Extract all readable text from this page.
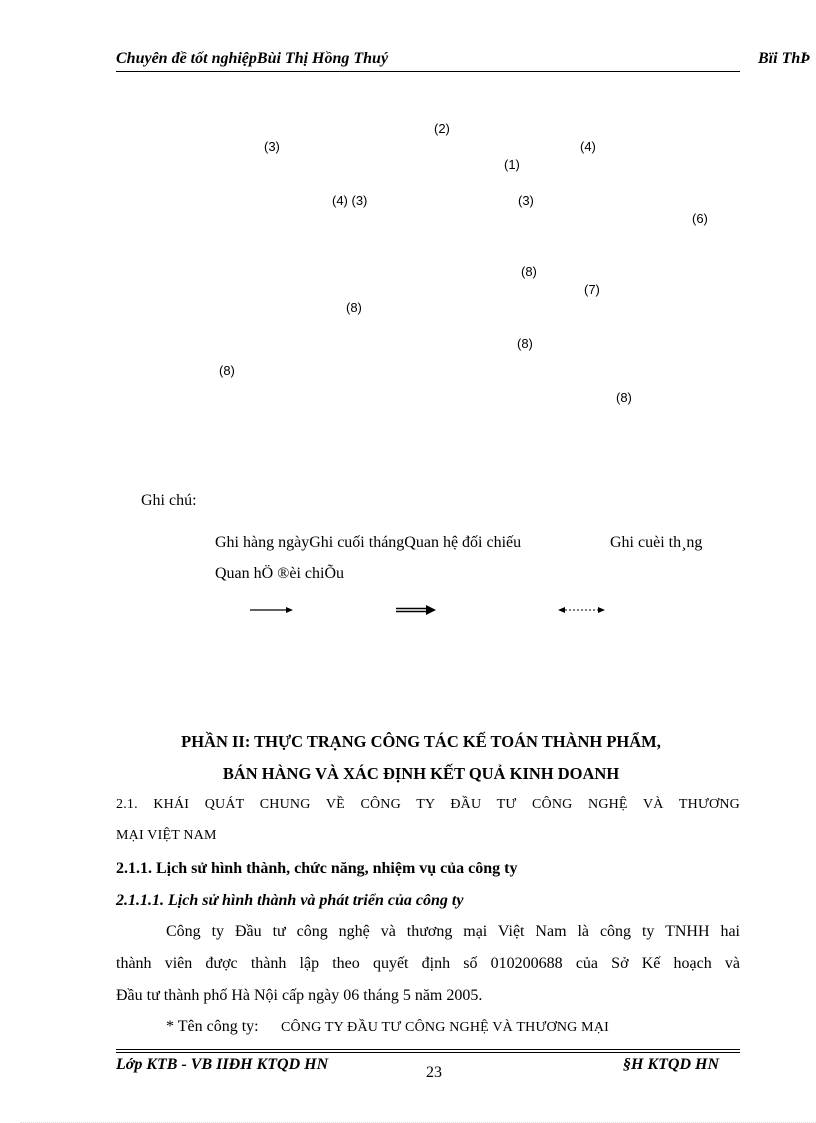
Chuyên đề tốt nghiệpBùi Thị Hồng Thuý	Bïi ThÞ
(2)
(3)	(4)
(1)
(4) (3)	(3)
(6)
(8)
(7)
(8)
(8)
(8)
(8)
Ghi chú:
Ghi hàng ngàyGhi cuối thángQuan hệ đối chiếu	Ghi cuèi th¸ng
Quan hÖ ®èi chiÕu
PHẦN II: THỰC TRẠNG CÔNG TÁC KẾ TOÁN THÀNH PHẨM,
BÁN HÀNG VÀ XÁC ĐỊNH KẾT QUẢ KINH DOANH
2.1. KHÁI QUÁT CHUNG VỀ CÔNG TY ĐẦU TƯ CÔNG NGHỆ VÀ THƯƠNG
MẠI VIỆT NAM
2.1.1. Lịch sử hình thành, chức năng, nhiệm vụ của công ty
2.1.1.1. Lịch sử hình thành và phát triển của công ty
Công ty Đầu tư công nghệ và thương mại Việt Nam là công ty TNHH hai
thành viên được thành lập theo quyết định số 010200688 của Sở Kế hoạch và
Đầu tư thành phố Hà Nội cấp ngày 06 tháng 5 năm 2005.
* Tên công ty: CÔNG TY ĐẦU TƯ CÔNG NGHỆ VÀ THƯƠNG MẠI
Lớp KTB - VB IIĐH KTQD HN	23	§H KTQD HN
